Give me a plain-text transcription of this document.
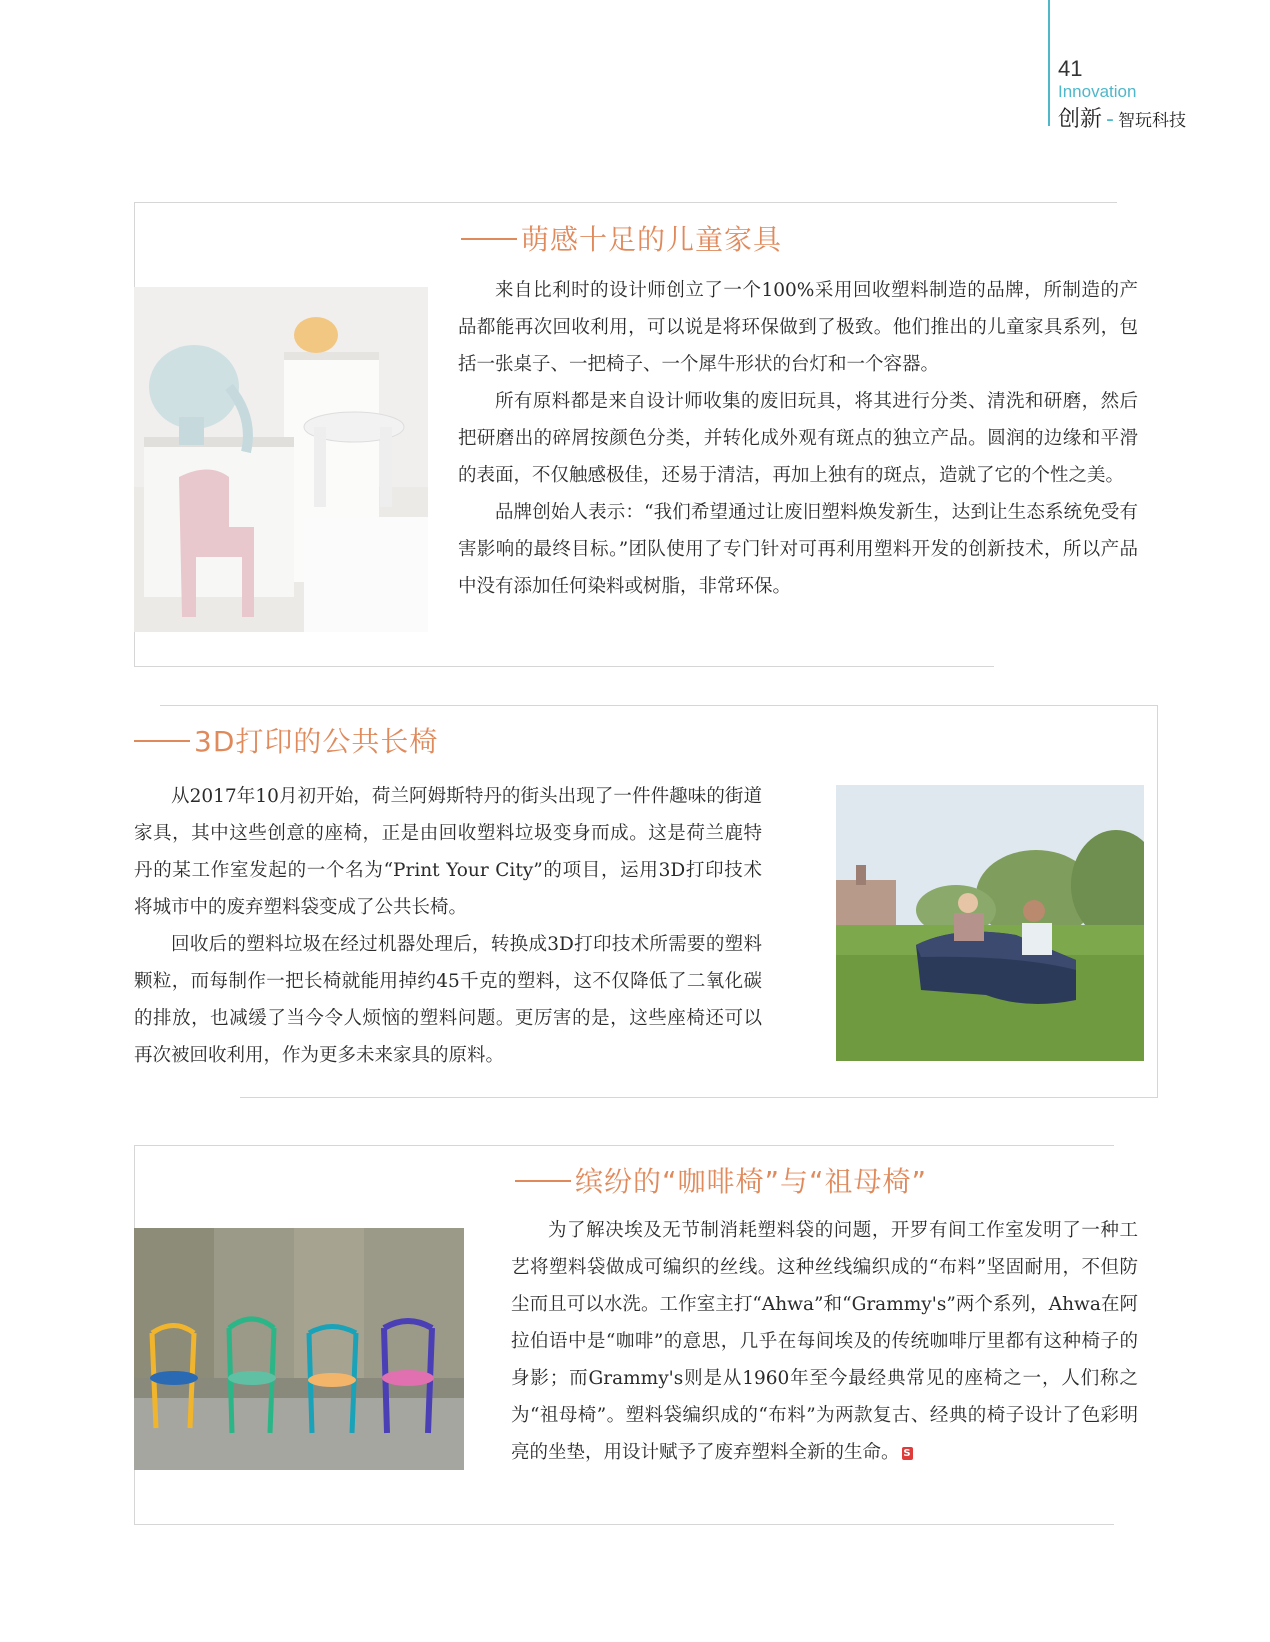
41
Innovation
创新 - 智玩科技
萌感十足的儿童家具

来自比利时的设计师创立了一个100%采用回收塑料制造的品牌，所制造的产品都能再次回收利用，可以说是将环保做到了极致。他们推出的儿童家具系列，包括一张桌子、一把椅子、一个犀牛形状的台灯和一个容器。

所有原料都是来自设计师收集的废旧玩具，将其进行分类、清洗和研磨，然后把研磨出的碎屑按颜色分类，并转化成外观有斑点的独立产品。圆润的边缘和平滑的表面，不仅触感极佳，还易于清洁，再加上独有的斑点，造就了它的个性之美。

品牌创始人表示：“我们希望通过让废旧塑料焕发新生，达到让生态系统免受有害影响的最终目标。”团队使用了专门针对可再利用塑料开发的创新技术，所以产品中没有添加任何染料或树脂，非常环保。

3D打印的公共长椅

从2017年10月初开始，荷兰阿姆斯特丹的街头出现了一件件趣味的街道家具，其中这些创意的座椅，正是由回收塑料垃圾变身而成。这是荷兰鹿特丹的某工作室发起的一个名为“Print Your City”的项目，运用3D打印技术将城市中的废弃塑料袋变成了公共长椅。

回收后的塑料垃圾在经过机器处理后，转换成3D打印技术所需要的塑料颗粒，而每制作一把长椅就能用掉约45千克的塑料，这不仅降低了二氧化碳的排放，也减缓了当今令人烦恼的塑料问题。更厉害的是，这些座椅还可以再次被回收利用，作为更多未来家具的原料。

缤纷的“咖啡椅”与“祖母椅”

为了解决埃及无节制消耗塑料袋的问题，开罗有间工作室发明了一种工艺将塑料袋做成可编织的丝线。这种丝线编织成的“布料”坚固耐用，不但防尘而且可以水洗。工作室主打“Ahwa”和“Grammy's”两个系列，Ahwa在阿拉伯语中是“咖啡”的意思，几乎在每间埃及的传统咖啡厅里都有这种椅子的身影；而Grammy's则是从1960年至今最经典常见的座椅之一，人们称之为“祖母椅”。塑料袋编织成的“布料”为两款复古、经典的椅子设计了色彩明亮的坐垫，用设计赋予了废弃塑料全新的生命。 S
